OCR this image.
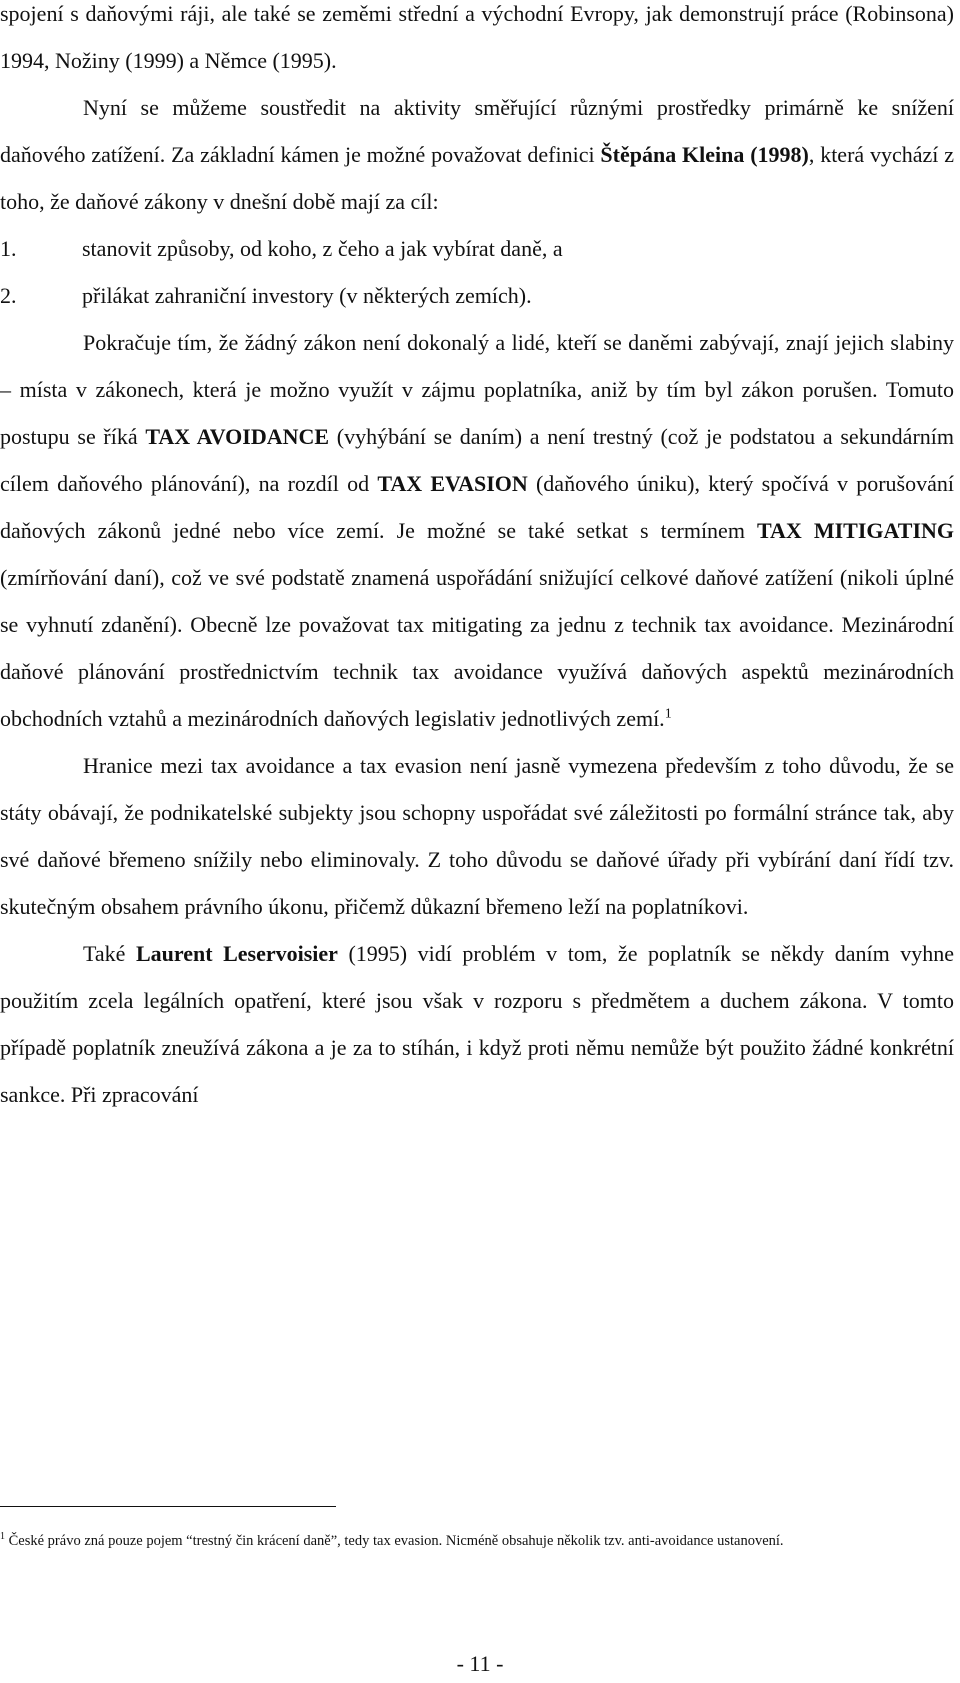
spojení s daňovými ráji, ale také se zeměmi střední a východní Evropy, jak demonstrují práce (Robinsona) 1994, Nožiny (1999) a Němce (1995).

Nyní se můžeme soustředit na aktivity směřující různými prostředky primárně ke snížení daňového zatížení. Za základní kámen je možné považovat definici Štěpána Kleina (1998), která vychází z toho, že daňové zákony v dnešní době mají za cíl:

1.	stanovit způsoby, od koho, z čeho a jak vybírat daně, a
2.	přilákat zahraniční investory (v některých zemích).

Pokračuje tím, že žádný zákon není dokonalý a lidé, kteří se daněmi zabývají, znají jejich slabiny – místa v zákonech, která je možno využít v zájmu poplatníka, aniž by tím byl zákon porušen. Tomuto postupu se říká TAX AVOIDANCE (vyhýbání se daním) a není trestný (což je podstatou a sekundárním cílem daňového plánování), na rozdíl od TAX EVASION (daňového úniku), který spočívá v porušování daňových zákonů jedné nebo více zemí. Je možné se také setkat s termínem TAX MITIGATING (zmírňování daní), což ve své podstatě znamená uspořádání snižující celkové daňové zatížení (nikoli úplné se vyhnutí zdanění). Obecně lze považovat tax mitigating za jednu z technik tax avoidance. Mezinárodní daňové plánování prostřednictvím technik tax avoidance využívá daňových aspektů mezinárodních obchodních vztahů a mezinárodních daňových legislativ jednotlivých zemí.$^1$

Hranice mezi tax avoidance a tax evasion není jasně vymezena především z toho důvodu, že se státy obávají, že podnikatelské subjekty jsou schopny uspořádat své záležitosti po formální stránce tak, aby své daňové břemeno snížily nebo eliminovaly. Z toho důvodu se daňové úřady při vybírání daní řídí tzv. skutečným obsahem právního úkonu, přičemž důkazní břemeno leží na poplatníkovi.

Také Laurent Leservoisier (1995) vidí problém v tom, že poplatník se někdy daním vyhne použitím zcela legálních opatření, které jsou však v rozporu s předmětem a duchem zákona. V tomto případě poplatník zneužívá zákona a je za to stíhán, i když proti němu nemůže být použito žádné konkrétní sankce. Při zpracování

$^1$ České právo zná pouze pojem “trestný čin krácení daně”, tedy tax evasion. Nicméně obsahuje několik tzv. anti-avoidance ustanovení.
- 11 -
